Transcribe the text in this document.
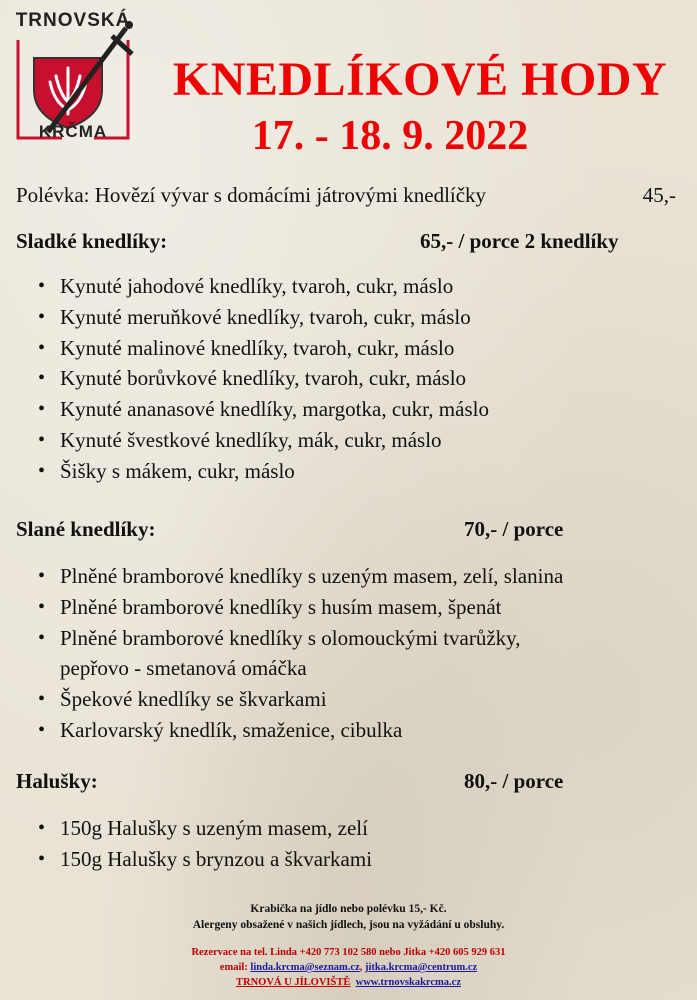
TRNOVSKÁ
KRČMA
KNEDLÍKOVÉ HODY
17. - 18. 9. 2022
Polévka: Hovězí vývar s domácími játrovými knedlíčky	45,-
Sladké knedlíky:	65,- / porce 2 knedlíky
• Kynuté jahodové knedlíky, tvaroh, cukr, máslo
• Kynuté meruňkové knedlíky, tvaroh, cukr, máslo
• Kynuté malinové knedlíky, tvaroh, cukr, máslo
• Kynuté borůvkové knedlíky, tvaroh, cukr, máslo
• Kynuté ananasové knedlíky, margotka, cukr, máslo
• Kynuté švestkové knedlíky, mák, cukr, máslo
• Šišky s mákem, cukr, máslo
Slané knedlíky:	70,- / porce
• Plněné bramborové knedlíky s uzeným masem, zelí, slanina
• Plněné bramborové knedlíky s husím masem, špenát
• Plněné bramborové knedlíky s olomouckými tvarůžky,
pepřovo - smetanová omáčka
• Špekové knedlíky se škvarkami
• Karlovarský knedlík, smaženice, cibulka
Halušky:	80,- / porce
• 150g Halušky s uzeným masem, zelí
• 150g Halušky s brynzou a škvarkami
Krabička na jídlo nebo polévku 15,- Kč.
Alergeny obsažené v našich jídlech, jsou na vyžádání u obsluhy.
Rezervace na tel. Linda +420 773 102 580 nebo Jitka +420 605 929 631
email: linda.krcma@seznam.cz, jitka.krcma@centrum.cz
TRNOVÁ U JÍLOVIŠTĚ www.trnovskakrcma.cz
